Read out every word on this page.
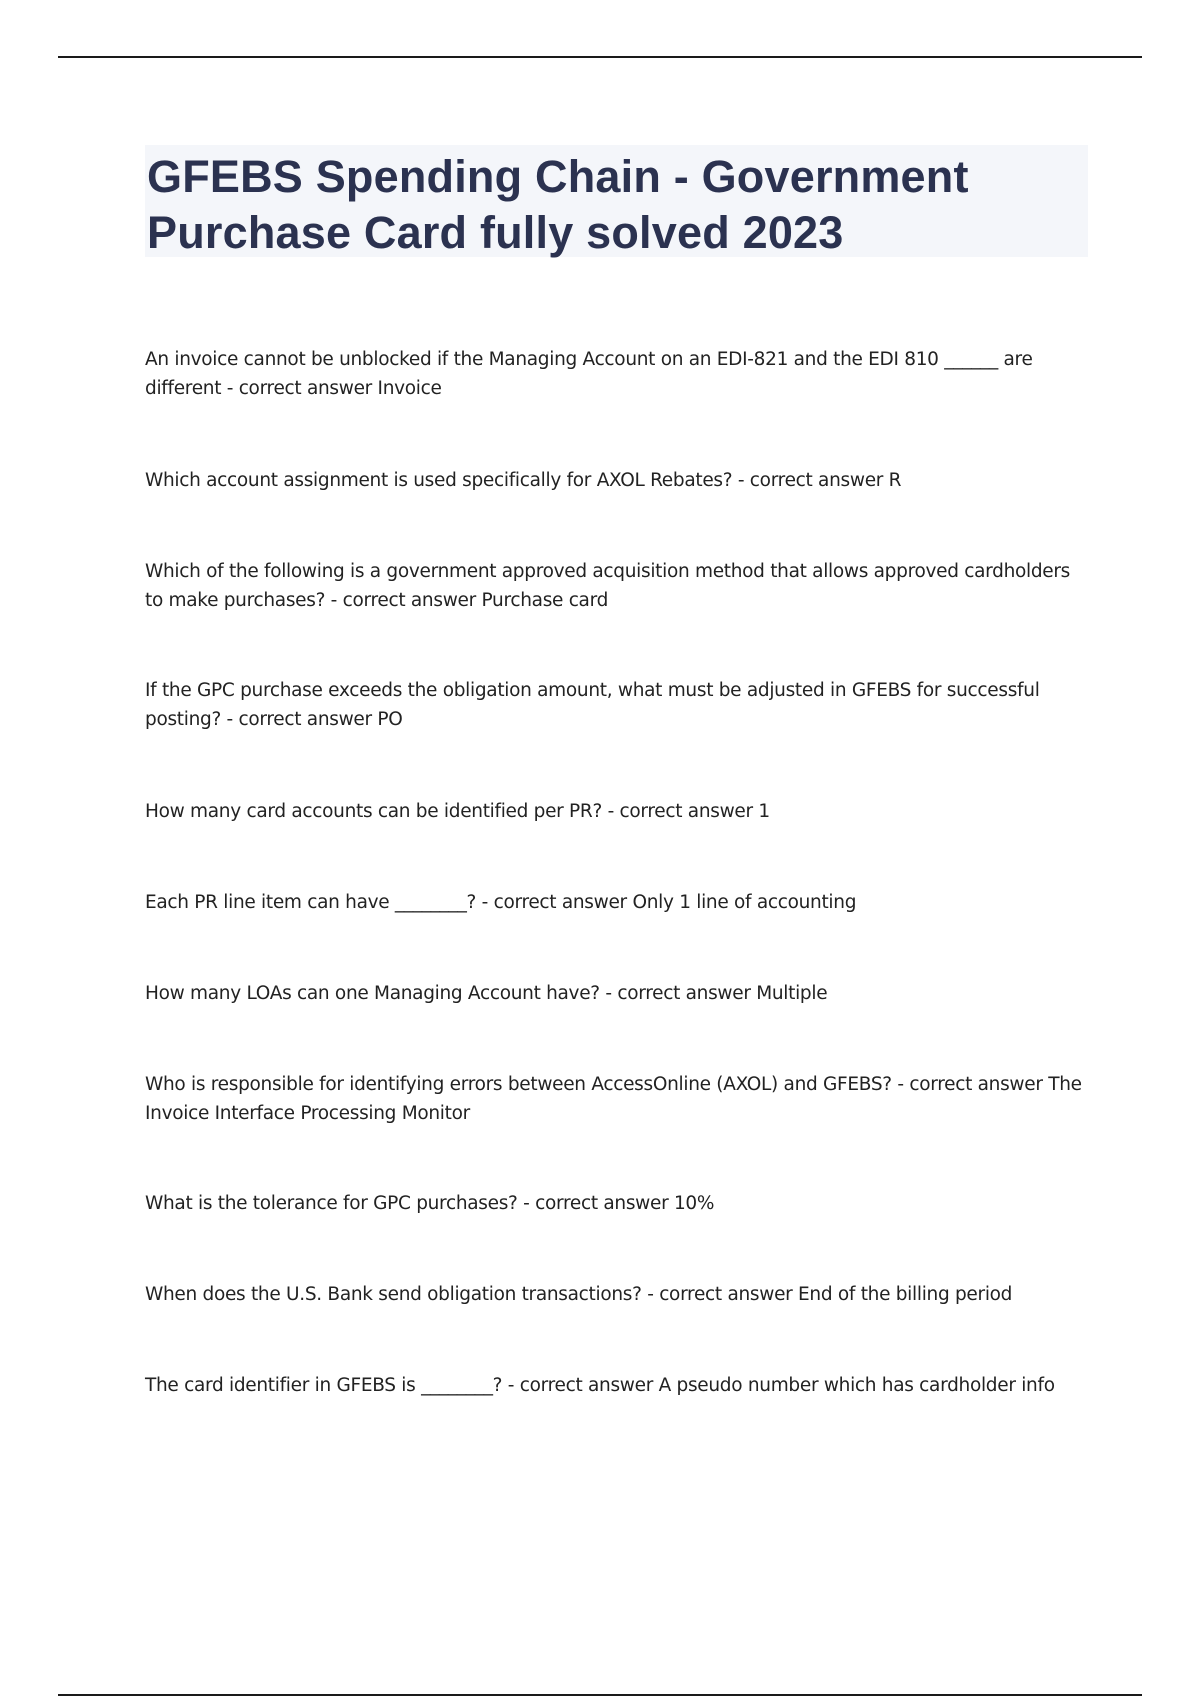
GFEBS Spending Chain - Government Purchase Card fully solved 2023
An invoice cannot be unblocked if the Managing Account on an EDI-821 and the EDI 810 ______ are different - correct answer Invoice
Which account assignment is used specifically for AXOL Rebates? - correct answer R
Which of the following is a government approved acquisition method that allows approved cardholders to make purchases? - correct answer Purchase card
If the GPC purchase exceeds the obligation amount, what must be adjusted in GFEBS for successful posting? - correct answer PO
How many card accounts can be identified per PR? - correct answer 1
Each PR line item can have ________? - correct answer Only 1 line of accounting
How many LOAs can one Managing Account have? - correct answer Multiple
Who is responsible for identifying errors between AccessOnline (AXOL) and GFEBS? - correct answer The Invoice Interface Processing Monitor
What is the tolerance for GPC purchases? - correct answer 10%
When does the U.S. Bank send obligation transactions? - correct answer End of the billing period
The card identifier in GFEBS is ________? - correct answer A pseudo number which has cardholder info
